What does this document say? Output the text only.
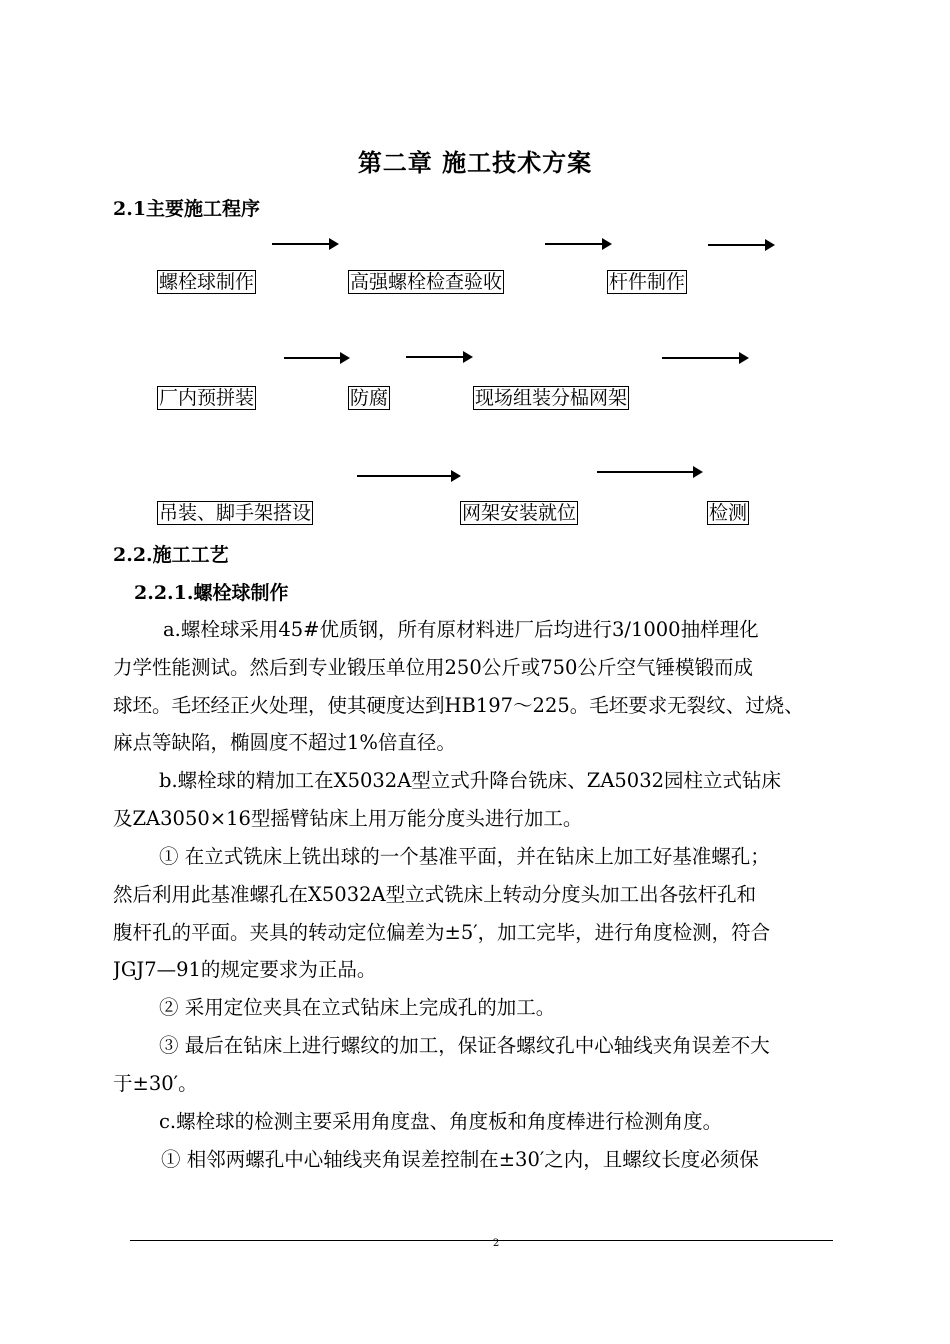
第二章 施工技术方案
2.1主要施工程序
螺栓球制作	高强螺栓检查验收	杆件制作
厂内预拼装	防腐	现场组装分榀网架
吊装、脚手架搭设	网架安装就位	检测
2.2.施工工艺
2.2.1.螺栓球制作
a.螺栓球采用45#优质钢，所有原材料进厂后均进行3/1000抽样理化
力学性能测试。然后到专业锻压单位用250公斤或750公斤空气锤模锻而成
球坯。毛坯经正火处理，使其硬度达到HB197～225。毛坯要求无裂纹、过烧、
麻点等缺陷，椭圆度不超过1%倍直径。
b.螺栓球的精加工在X5032A型立式升降台铣床、ZA5032园柱立式钻床
及ZA3050×16型摇臂钻床上用万能分度头进行加工。
① 在立式铣床上铣出球的一个基准平面，并在钻床上加工好基准螺孔；
然后利用此基准螺孔在X5032A型立式铣床上转动分度头加工出各弦杆孔和
腹杆孔的平面。夹具的转动定位偏差为±5′，加工完毕，进行角度检测，符合
JGJ7—91的规定要求为正品。
② 采用定位夹具在立式钻床上完成孔的加工。
③ 最后在钻床上进行螺纹的加工，保证各螺纹孔中心轴线夹角误差不大
于±30′。
c.螺栓球的检测主要采用角度盘、角度板和角度棒进行检测角度。
① 相邻两螺孔中心轴线夹角误差控制在±30′之内，且螺纹长度必须保
2
